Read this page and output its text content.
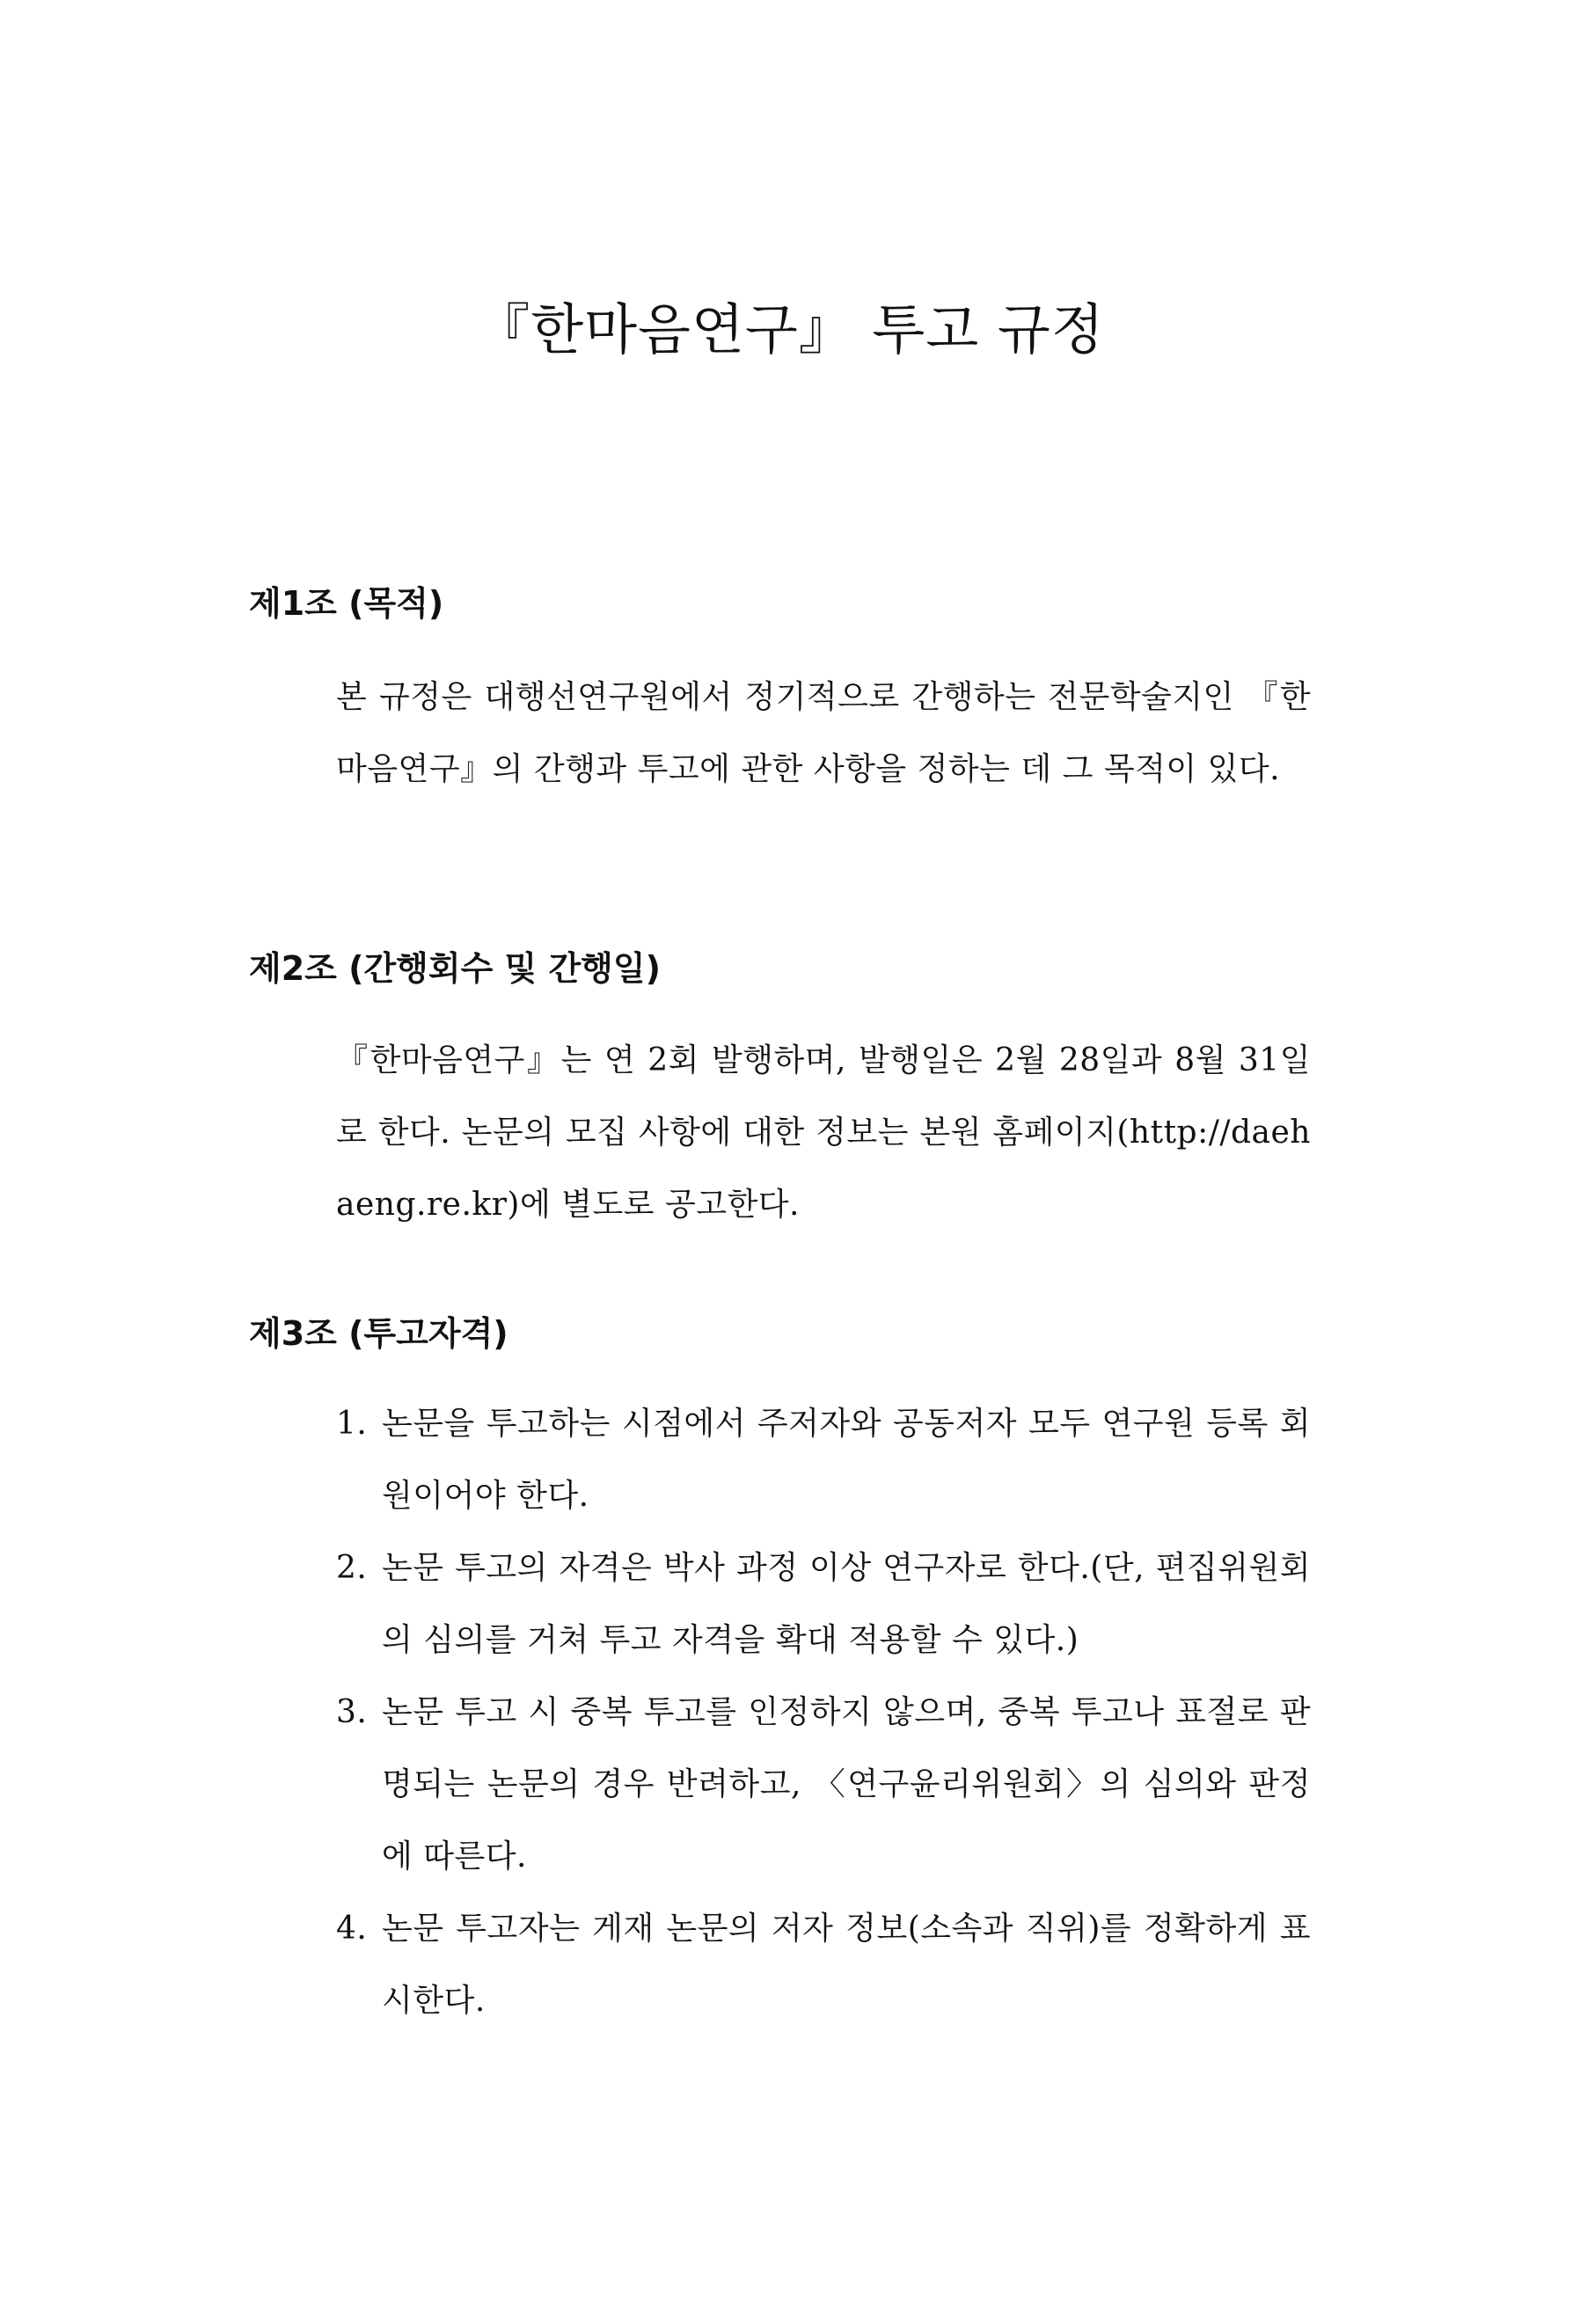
『한마음연구』 투고 규정
제1조 (목적)

본 규정은 대행선연구원에서 정기적으로 간행하는 전문학술지인 『한마음연구』의 간행과 투고에 관한 사항을 정하는 데 그 목적이 있다.

제2조 (간행회수 및 간행일)

『한마음연구』는 연 2회 발행하며, 발행일은 2월 28일과 8월 31일로 한다. 논문의 모집 사항에 대한 정보는 본원 홈페이지(http://daehaeng.re.kr)에 별도로 공고한다.

제3조 (투고자격)
1. 논문을 투고하는 시점에서 주저자와 공동저자 모두 연구원 등록 회원이어야 한다.
2. 논문 투고의 자격은 박사 과정 이상 연구자로 한다.(단, 편집위원회의 심의를 거쳐 투고 자격을 확대 적용할 수 있다.)
3. 논문 투고 시 중복 투고를 인정하지 않으며, 중복 투고나 표절로 판명되는 논문의 경우 반려하고, 〈연구윤리위원회〉의 심의와 판정에 따른다.
4. 논문 투고자는 게재 논문의 저자 정보(소속과 직위)를 정확하게 표시한다.
